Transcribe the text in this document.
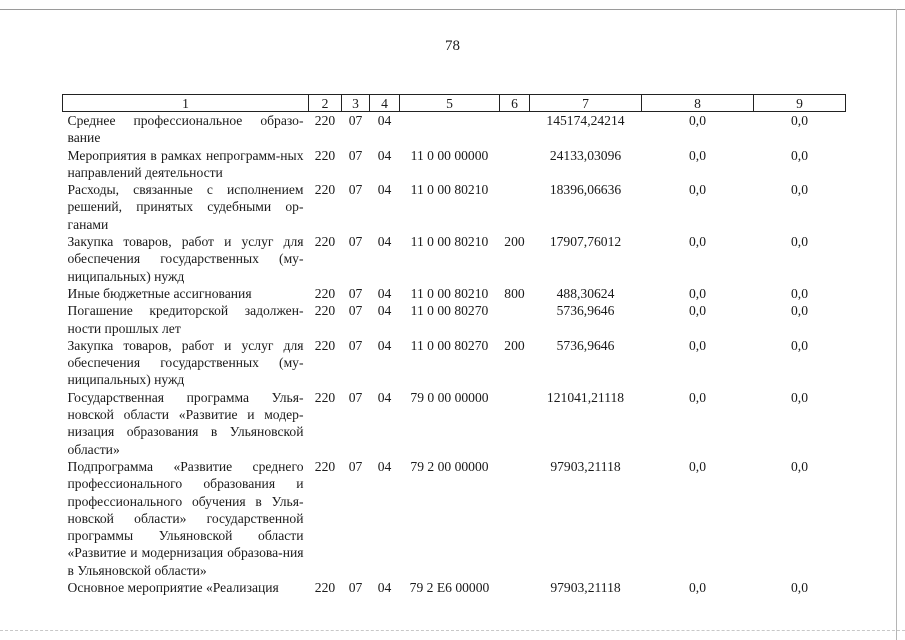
78
1	2	3	4	5	6	7	8	9
Среднее профессиональное образо-вание	220	07	04			145174,24214	0,0	0,0
Мероприятия в рамках непрограмм-ных направлений деятельности	220	07	04	11 0 00 00000		24133,03096	0,0	0,0
Расходы, связанные с исполнением решений, принятых судебными ор-ганами	220	07	04	11 0 00 80210		18396,06636	0,0	0,0
Закупка товаров, работ и услуг для обеспечения государственных (му-ниципальных) нужд	220	07	04	11 0 00 80210	200	17907,76012	0,0	0,0
Иные бюджетные ассигнования	220	07	04	11 0 00 80210	800	488,30624	0,0	0,0
Погашение кредиторской задолжен-ности прошлых лет	220	07	04	11 0 00 80270		5736,9646	0,0	0,0
Закупка товаров, работ и услуг для обеспечения государственных (му-ниципальных) нужд	220	07	04	11 0 00 80270	200	5736,9646	0,0	0,0
Государственная программа Улья-новской области «Развитие и модер-низация образования в Ульяновской области»	220	07	04	79 0 00 00000		121041,21118	0,0	0,0
Подпрограмма «Развитие среднего профессионального образования и профессионального обучения в Улья-новской области» государственной программы Ульяновской области «Развитие и модернизация образова-ния в Ульяновской области»	220	07	04	79 2 00 00000		97903,21118	0,0	0,0
Основное мероприятие «Реализация	220	07	04	79 2 Е6 00000		97903,21118	0,0	0,0
